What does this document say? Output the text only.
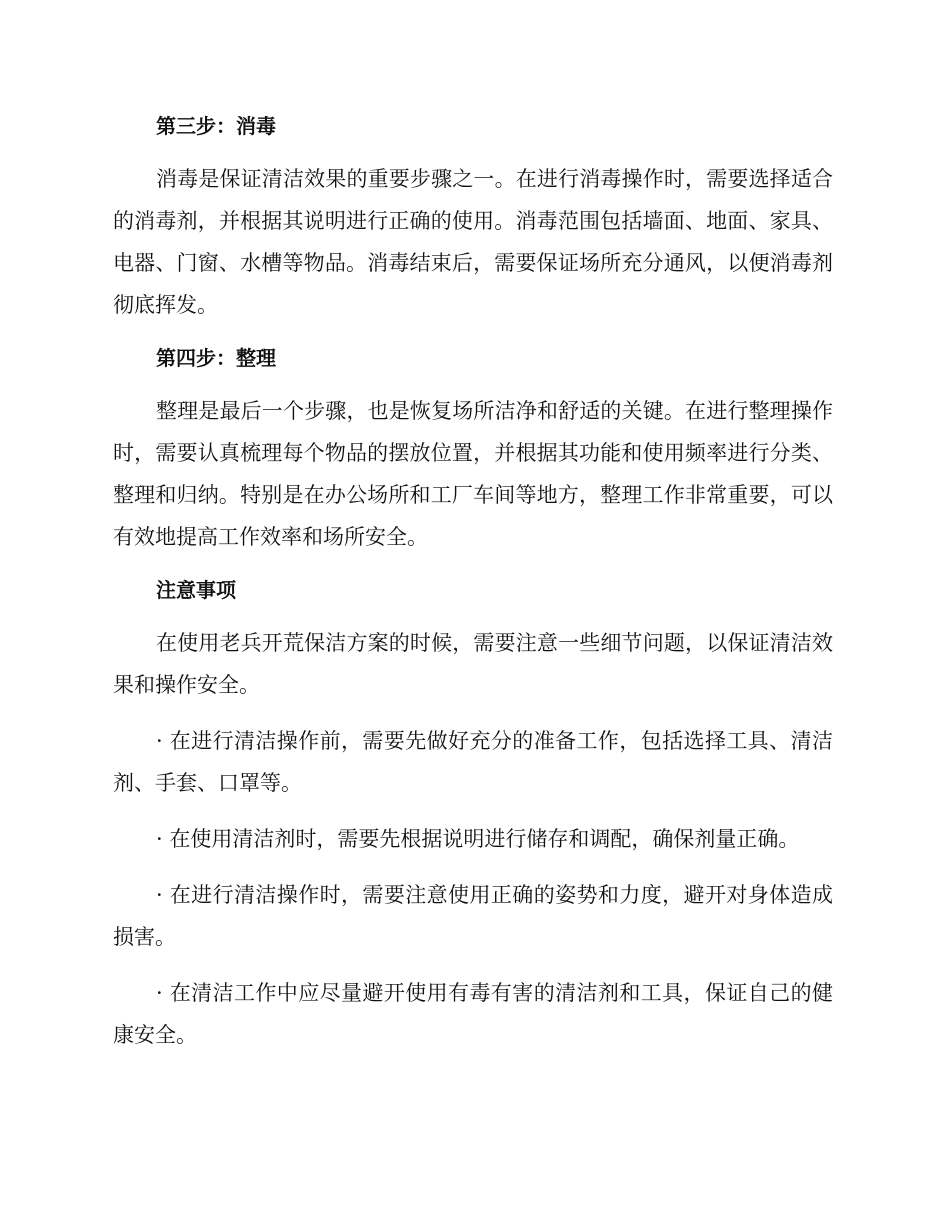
第三步：消毒

消毒是保证清洁效果的重要步骤之一。在进行消毒操作时，需要选择适合的消毒剂，并根据其说明进行正确的使用。消毒范围包括墙面、地面、家具、电器、门窗、水槽等物品。消毒结束后，需要保证场所充分通风，以便消毒剂彻底挥发。

第四步：整理

整理是最后一个步骤，也是恢复场所洁净和舒适的关键。在进行整理操作时，需要认真梳理每个物品的摆放位置，并根据其功能和使用频率进行分类、整理和归纳。特别是在办公场所和工厂车间等地方，整理工作非常重要，可以有效地提高工作效率和场所安全。

注意事项

在使用老兵开荒保洁方案的时候，需要注意一些细节问题，以保证清洁效果和操作安全。

· 在进行清洁操作前，需要先做好充分的准备工作，包括选择工具、清洁剂、手套、口罩等。

· 在使用清洁剂时，需要先根据说明进行储存和调配，确保剂量正确。

· 在进行清洁操作时，需要注意使用正确的姿势和力度，避开对身体造成损害。

· 在清洁工作中应尽量避开使用有毒有害的清洁剂和工具，保证自己的健康安全。
